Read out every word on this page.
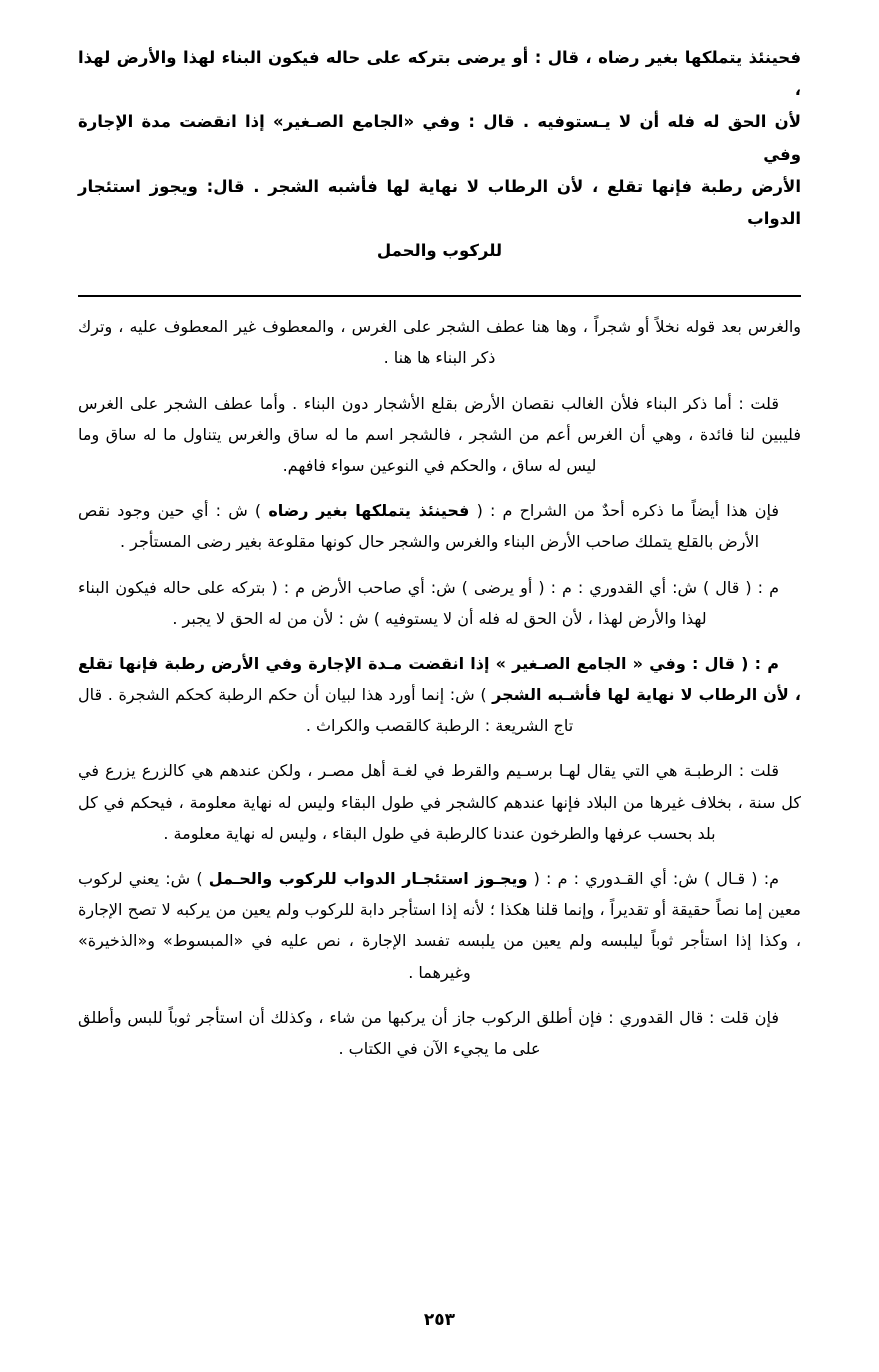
فحينئذ يتملكها بغير رضاه ، قال : أو يرضى بتركه على حاله فيكون البناء لهذا والأرض لهذا ،

لأن الحق له فله أن لا يـستوفيه . قال : وفي «الجامع الصـغير» إذا انقضت مدة الإجارة وفي

الأرض رطبة فإنها تقلع ، لأن الرطاب لا نهاية لها فأشبه الشجر . قال: ويجوز استئجار الدواب

للركوب والحمل

والغرس بعد قوله نخلاً أو شجراً ، وها هنا عطف الشجر على الغرس ، والمعطوف غير المعطوف عليه ، وترك ذكر البناء ها هنا .

قلت : أما ذكر البناء فلأن الغالب نقصان الأرض بقلع الأشجار دون البناء . وأما عطف الشجر على الغرس فليبين لنا فائدة ، وهي أن الغرس أعم من الشجر ، فالشجر اسم ما له ساق والغرس يتناول ما له ساق وما ليس له ساق ، والحكم في النوعين سواء فافهم.

فإن هذا أيضاً ما ذكره أحدٌ من الشراح م : ( فحينئذ يتملكها بغير رضاه ) ش : أي حين وجود نقص الأرض بالقلع يتملك صاحب الأرض البناء والغرس والشجر حال كونها مقلوعة بغير رضى المستأجر .

م : ( قال ) ش: أي القدوري : م : ( أو يرضى ) ش: أي صاحب الأرض م : ( بتركه على حاله فيكون البناء لهذا والأرض لهذا ، لأن الحق له فله أن لا يستوفيه ) ش : لأن من له الحق لا يجبر .

م : ( قال : وفي « الجامع الصـغير » إذا انقضت مـدة الإجارة وفي الأرض رطبة فإنها تقلع ، لأن الرطاب لا نهاية لها فأشـبه الشجر ) ش: إنما أورد هذا لبيان أن حكم الرطبة كحكم الشجرة . قال تاج الشريعة : الرطبة كالقصب والكراث .

قلت : الرطبـة هي التي يقال لهـا برسـيم والقرط في لغـة أهل مصـر ، ولكن عندهم هي كالزرع يزرع في كل سنة ، بخلاف غيرها من البلاد فإنها عندهم كالشجر في طول البقاء وليس له نهاية معلومة ، فيحكم في كل بلد بحسب عرفها والطرخون عندنا كالرطبة في طول البقاء ، وليس له نهاية معلومة .

م: ( قـال ) ش: أي القـدوري : م : ( ويجـوز استئجـار الدواب للركوب والحـمل ) ش: يعني لركوب معين إما نصاً حقيقة أو تقديراً ، وإنما قلنا هكذا ؛ لأنه إذا استأجر دابة للركوب ولم يعين من يركبه لا تصح الإجارة ، وكذا إذا استأجر ثوباً ليلبسه ولم يعين من يلبسه تفسد الإجارة ، نص عليه في «المبسوط» و«الذخيرة» وغيرهما .

فإن قلت : قال القدوري : فإن أطلق الركوب جاز أن يركبها من شاء ، وكذلك أن استأجر ثوباً للبس وأطلق على ما يجيء الآن في الكتاب .

٢٥٣
